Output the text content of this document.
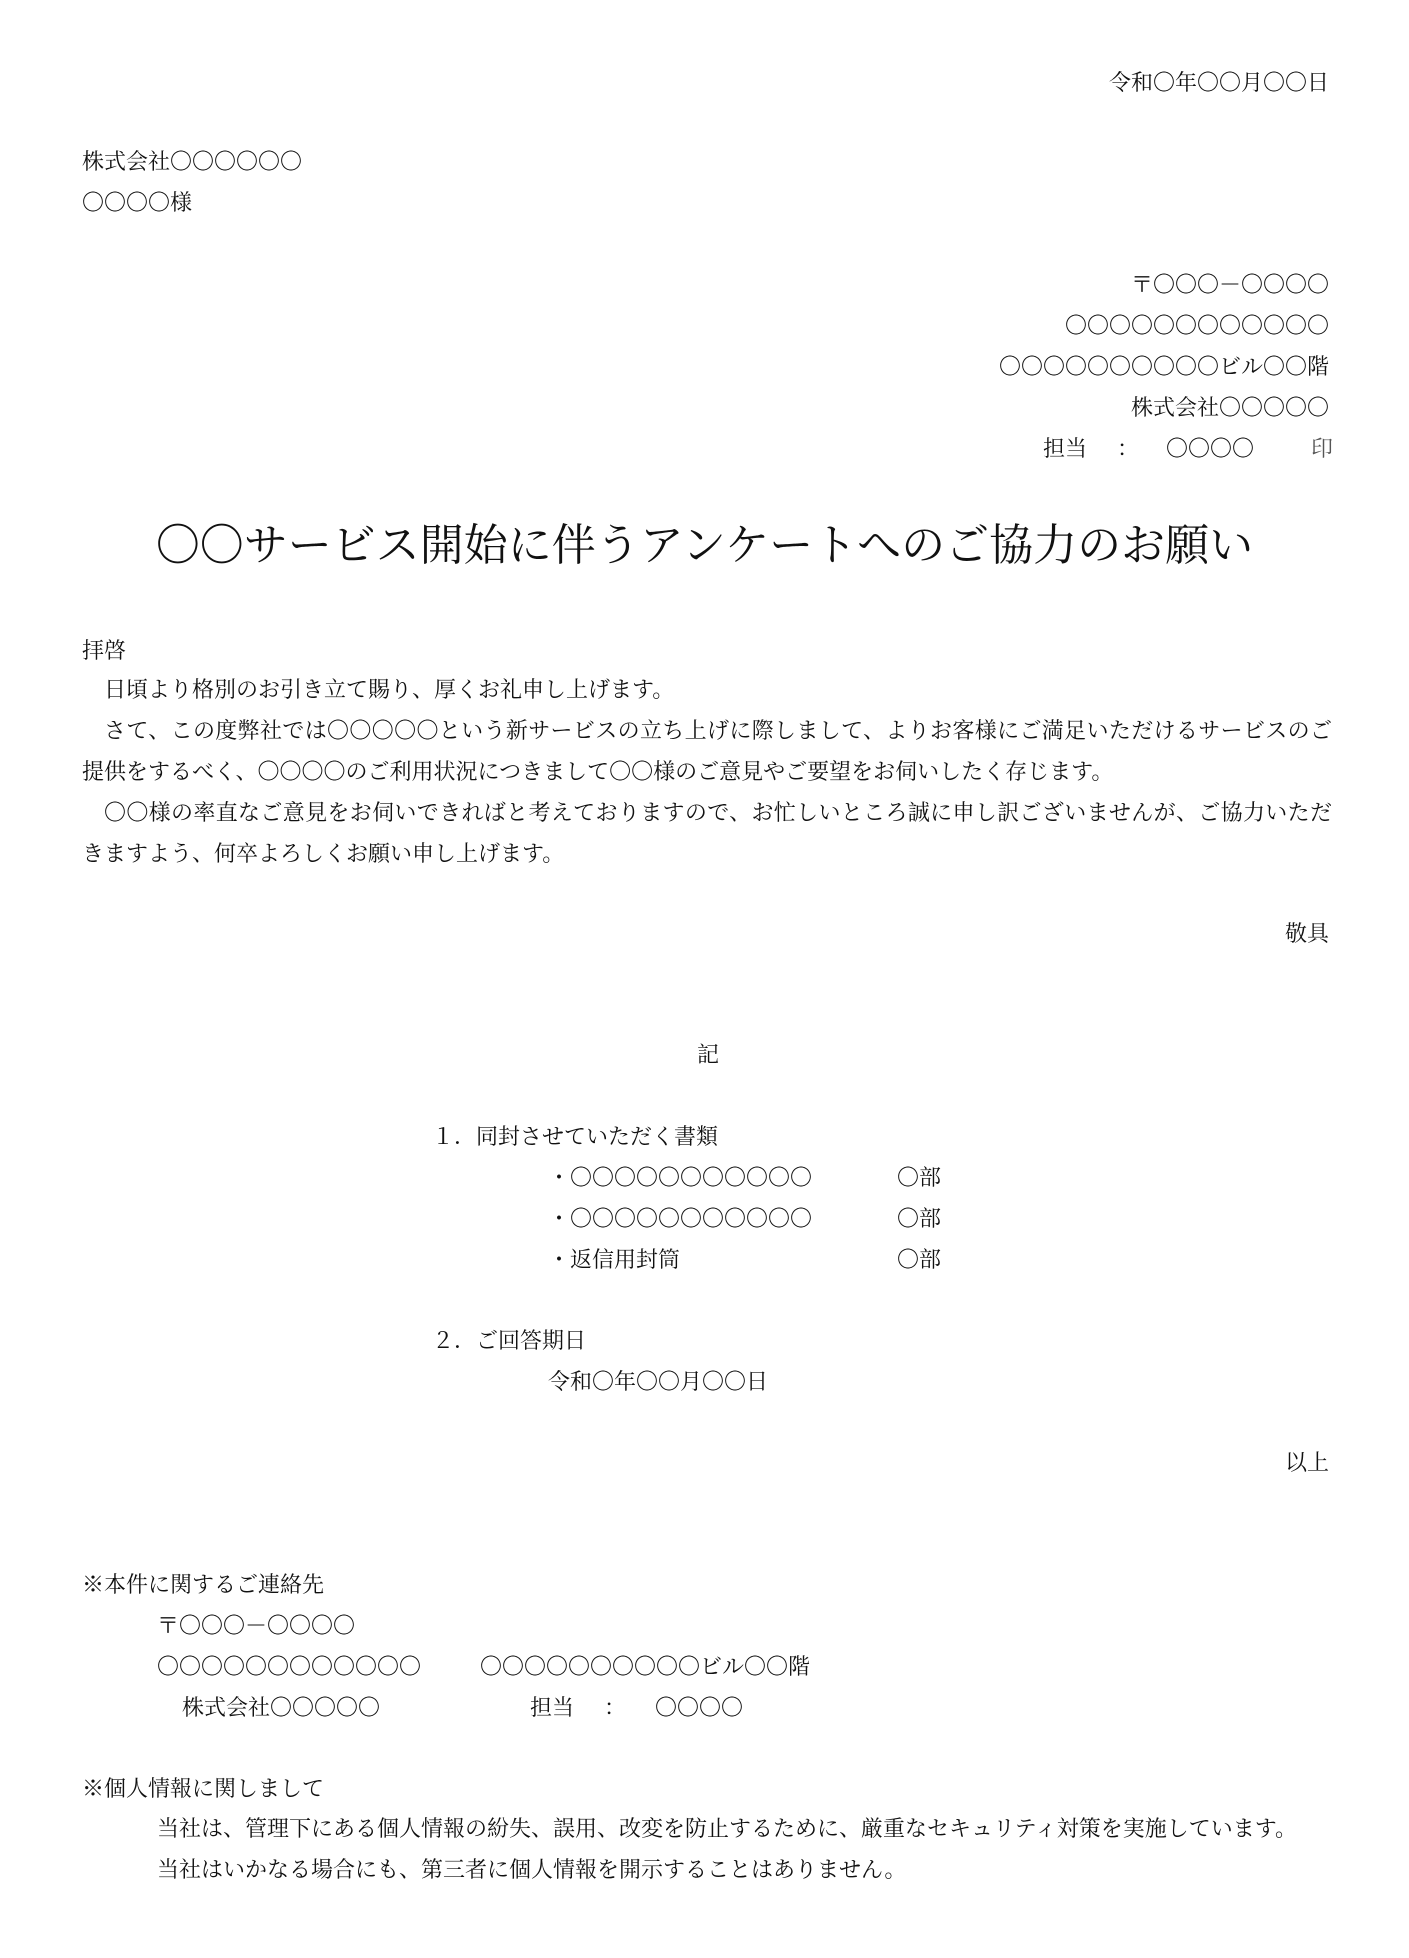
令和〇年〇〇月〇〇日
株式会社〇〇〇〇〇〇
〇〇〇〇様
〒〇〇〇－〇〇〇〇
〇〇〇〇〇〇〇〇〇〇〇〇
〇〇〇〇〇〇〇〇〇〇ビル〇〇階
株式会社〇〇〇〇〇
担当 ： 〇〇〇〇	印
〇〇サービス開始に伴うアンケートへのご協力のお願い
拝啓

日頃より格別のお引き立て賜り、厚くお礼申し上げます。

さて、この度弊社では〇〇〇〇〇という新サービスの立ち上げに際しまして、よりお客様にご満足いただけるサービスのご提供をするべく、〇〇〇〇のご利用状況につきまして〇〇様のご意見やご要望をお伺いしたく存じます。

〇〇様の率直なご意見をお伺いできればと考えておりますので、お忙しいところ誠に申し訳ございませんが、ご協力いただきますよう、何卒よろしくお願い申し上げます。

敬具
記
１．同封させていただく書類
・〇〇〇〇〇〇〇〇〇〇〇	〇部
・〇〇〇〇〇〇〇〇〇〇〇	〇部
・返信用封筒	〇部
２．ご回答期日
令和〇年〇〇月〇〇日
以上
※本件に関するご連絡先
〒〇〇〇－〇〇〇〇
〇〇〇〇〇〇〇〇〇〇〇〇	〇〇〇〇〇〇〇〇〇〇ビル〇〇階
株式会社〇〇〇〇〇	担当 ： 〇〇〇〇
※個人情報に関しまして
当社は、管理下にある個人情報の紛失、誤用、改変を防止するために、厳重なセキュリティ対策を実施しています。当社はいかなる場合にも、第三者に個人情報を開示することはありません。
